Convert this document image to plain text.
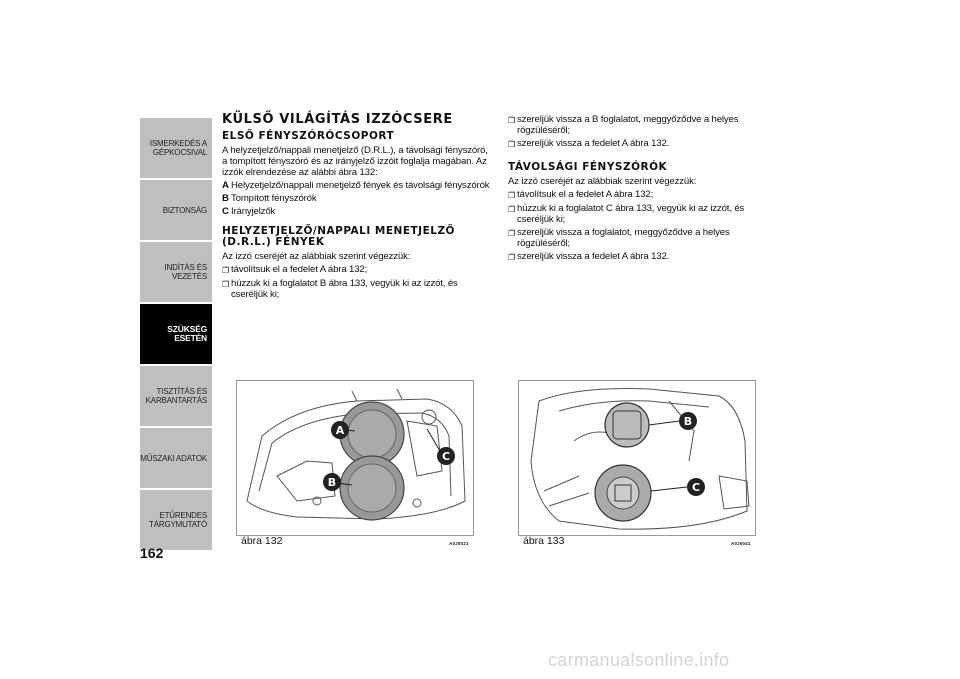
ISMERKEDÉS A GÉPKOCSIVAL
BIZTONSÁG
INDÍTÁS ÉS VEZETÉS
SZÜKSÉG ESETÉN
TISZTÍTÁS ÉS KARBANTARTÁS
MŰSZAKI ADATOK
ETŰRENDES TÁRGYMUTATÓ
162
KÜLSŐ VILÁGÍTÁS IZZÓCSERE
ELSŐ FÉNYSZÓRÓCSOPORT

A helyzetjelző/nappali menetjelző (D.R.L.), a távolsági fényszóró, a tompított fényszóró és az irányjelző izzóit foglalja magában. Az izzók elrendezése az alábbi ábra 132:

A Helyzetjelző/nappali menetjelző fények és távolsági fényszórók
B Tompított fényszórók
C Irányjelzők
HELYZETJELZŐ/NAPPALI MENETJELZŐ (D.R.L.) FÉNYEK

Az izzó cseréjét az alábbiak szerint végezzük:

❒ távolítsuk el a fedelet A ábra 132;
❒ húzzuk ki a foglalatot B ábra 133, vegyük ki az izzót, és cseréljük ki;
❒ szereljük vissza a B foglalatot, meggyőződve a helyes rögzüléséről;
❒ szereljük vissza a fedelet A ábra 132.
TÁVOLSÁGI FÉNYSZÓRÓK

Az izzó cseréjét az alábbiak szerint végezzük:

❒ távolítsuk el a fedelet A ábra 132;
❒ húzzuk ki a foglalatot C ábra 133, vegyük ki az izzót, és cseréljük ki;
❒ szereljük vissza a foglalatot, meggyőződve a helyes rögzüléséről;
❒ szereljük vissza a fedelet A ábra 132.
A
B
C
ábra 132	A0J0021
B
C
ábra 133	A0J0041
carmanualsonline.info
